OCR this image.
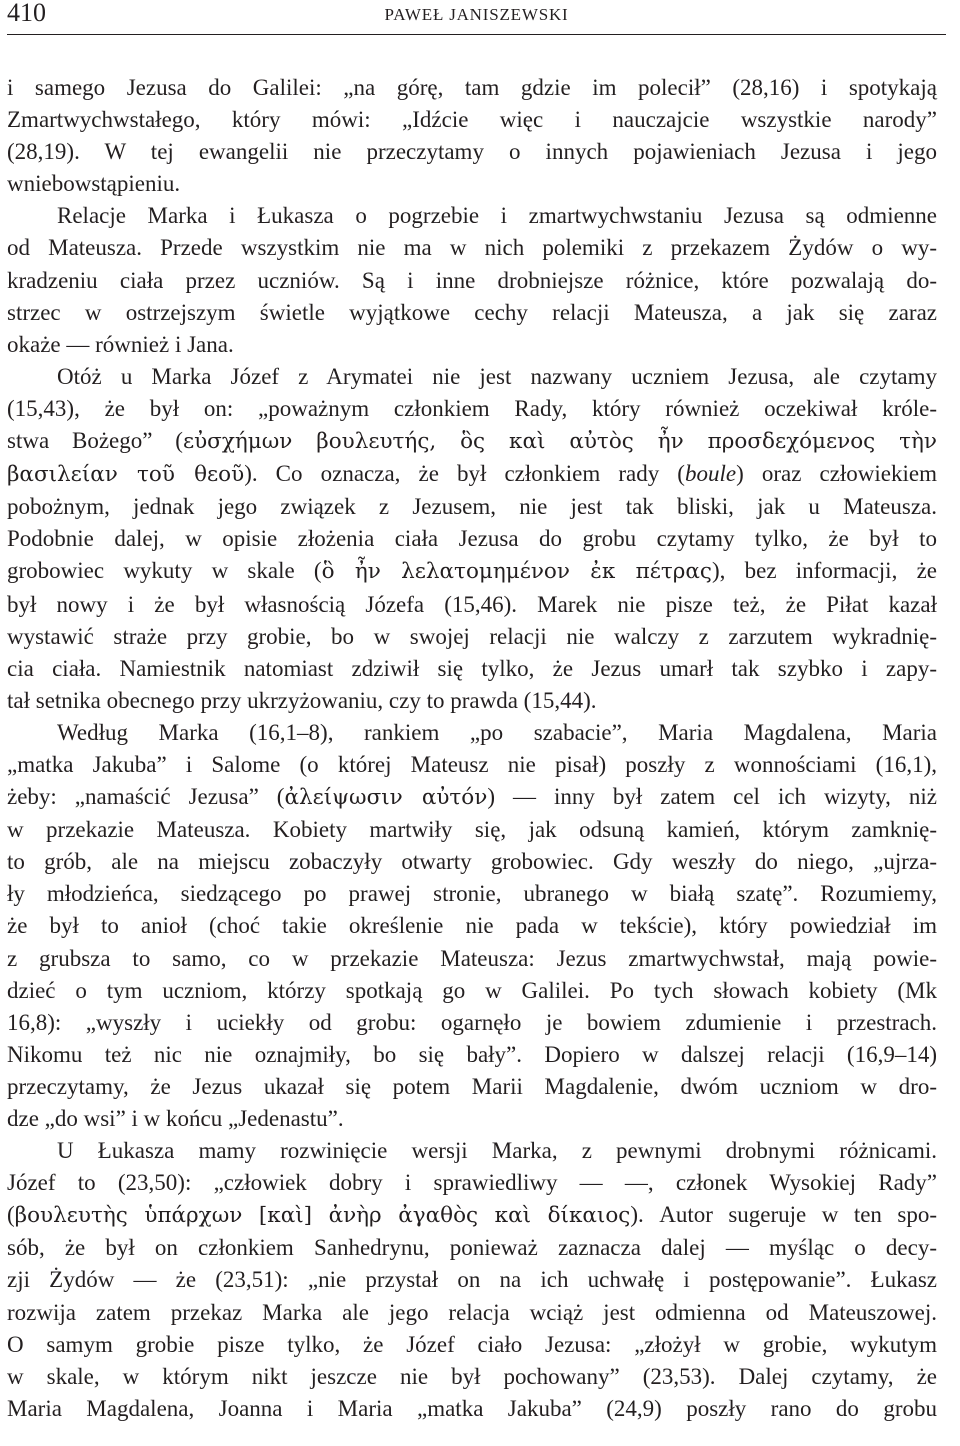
410	PAWEŁ JANISZEWSKI
i samego Jezusa do Galilei: „na górę, tam gdzie im polecił” (28,16) i spotykają
Zmartwychwstałego, który mówi: „Idźcie więc i nauczajcie wszystkie narody”
(28,19). W tej ewangelii nie przeczytamy o innych pojawieniach Jezusa i jego
wniebowstąpieniu.
Relacje Marka i Łukasza o pogrzebie i zmartwychwstaniu Jezusa są odmienne
od Mateusza. Przede wszystkim nie ma w nich polemiki z przekazem Żydów o wy-
kradzeniu ciała przez uczniów. Są i inne drobniejsze różnice, które pozwalają do-
strzec w ostrzejszym świetle wyjątkowe cechy relacji Mateusza, a jak się zaraz
okaże — również i Jana.
Otóż u Marka Józef z Arymatei nie jest nazwany uczniem Jezusa, ale czytamy
(15,43), że był on: „poważnym członkiem Rady, który również oczekiwał króle-
stwa Bożego” (εὐσχήμων βουλευτής, ὃς καὶ αὐτὸς ἦν προσδεχόμενος τὴν
βασιλείαν τοῦ θεοῦ). Co oznacza, że był członkiem rady (boule) oraz człowiekiem
pobożnym, jednak jego związek z Jezusem, nie jest tak bliski, jak u Mateusza.
Podobnie dalej, w opisie złożenia ciała Jezusa do grobu czytamy tylko, że był to
grobowiec wykuty w skale (ὃ ἦν λελατομημένον ἐκ πέτρας), bez informacji, że
był nowy i że był własnością Józefa (15,46). Marek nie pisze też, że Piłat kazał
wystawić straże przy grobie, bo w swojej relacji nie walczy z zarzutem wykradnię-
cia ciała. Namiestnik natomiast zdziwił się tylko, że Jezus umarł tak szybko i zapy-
tał setnika obecnego przy ukrzyżowaniu, czy to prawda (15,44).
Według Marka (16,1–8), rankiem „po szabacie”, Maria Magdalena, Maria
„matka Jakuba” i Salome (o której Mateusz nie pisał) poszły z wonnościami (16,1),
żeby: „namaścić Jezusa” (ἀλείψωσιν αὐτόν) — inny był zatem cel ich wizyty, niż
w przekazie Mateusza. Kobiety martwiły się, jak odsuną kamień, którym zamknię-
to grób, ale na miejscu zobaczyły otwarty grobowiec. Gdy weszły do niego, „ujrza-
ły młodzieńca, siedzącego po prawej stronie, ubranego w białą szatę”. Rozumiemy,
że był to anioł (choć takie określenie nie pada w tekście), który powiedział im
z grubsza to samo, co w przekazie Mateusza: Jezus zmartwychwstał, mają powie-
dzieć o tym uczniom, którzy spotkają go w Galilei. Po tych słowach kobiety (Mk
16,8): „wyszły i uciekły od grobu: ogarnęło je bowiem zdumienie i przestrach.
Nikomu też nic nie oznajmiły, bo się bały”. Dopiero w dalszej relacji (16,9–14)
przeczytamy, że Jezus ukazał się potem Marii Magdalenie, dwóm uczniom w dro-
dze „do wsi” i w końcu „Jedenastu”.
U Łukasza mamy rozwinięcie wersji Marka, z pewnymi drobnymi różnicami.
Józef to (23,50): „człowiek dobry i sprawiedliwy — —, członek Wysokiej Rady”
(βουλευτὴς ὑπάρχων [καὶ] ἀνὴρ ἀγαθὸς καὶ δίκαιος). Autor sugeruje w ten spo-
sób, że był on członkiem Sanhedrynu, ponieważ zaznacza dalej — myśląc o decy-
zji Żydów — że (23,51): „nie przystał on na ich uchwałę i postępowanie”. Łukasz
rozwija zatem przekaz Marka ale jego relacja wciąż jest odmienna od Mateuszowej.
O samym grobie pisze tylko, że Józef ciało Jezusa: „złożył w grobie, wykutym
w skale, w którym nikt jeszcze nie był pochowany” (23,53). Dalej czytamy, że
Maria Magdalena, Joanna i Maria „matka Jakuba” (24,9) poszły rano do grobu
